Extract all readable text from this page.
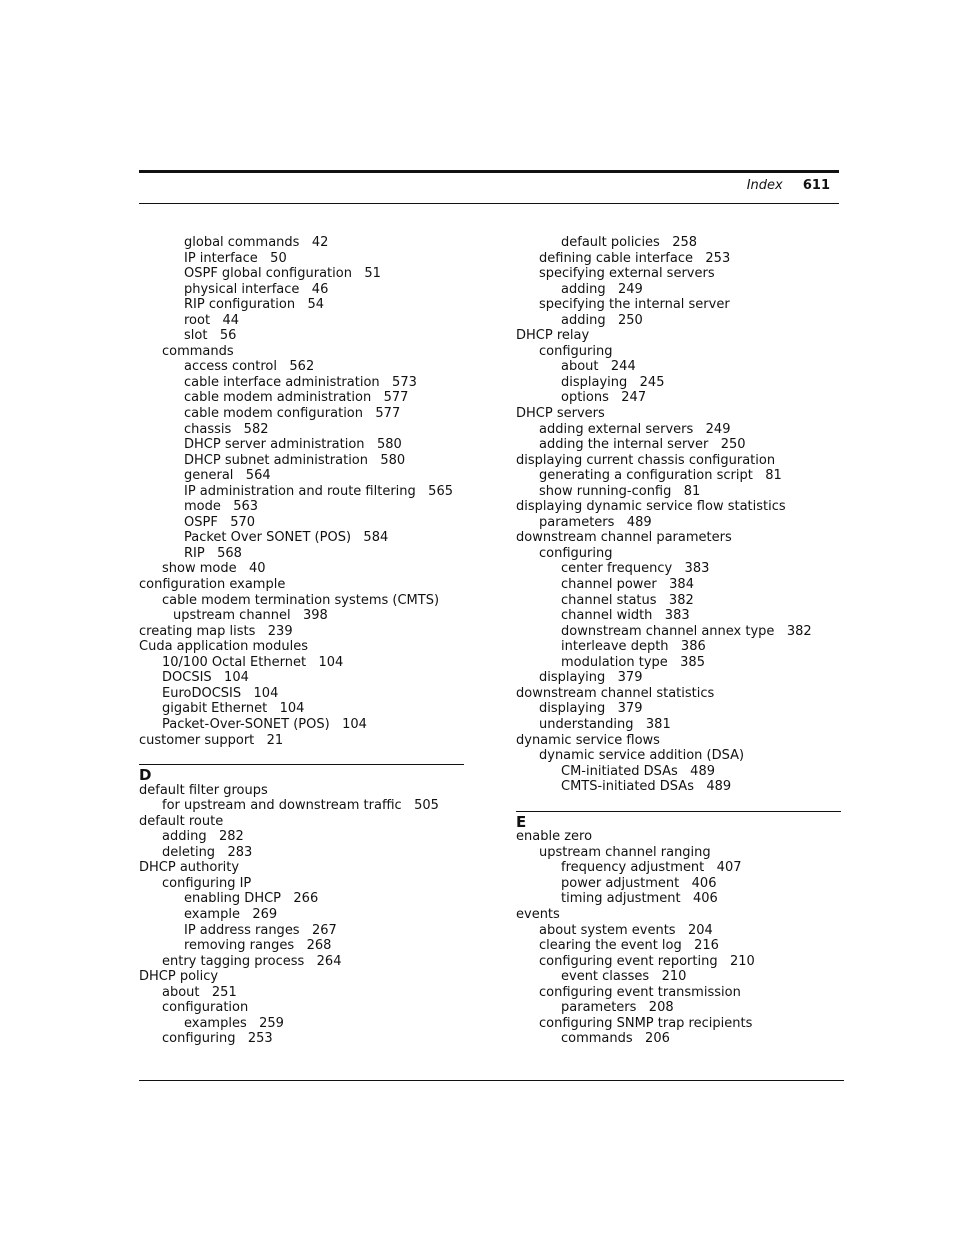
Index 611
global commands   42
IP interface   50
OSPF global configuration   51
physical interface   46
RIP configuration   54
root   44
slot   56
commands
access control   562
cable interface administration   573
cable modem administration   577
cable modem configuration   577
chassis   582
DHCP server administration   580
DHCP subnet administration   580
general   564
IP administration and route filtering   565
mode   563
OSPF   570
Packet Over SONET (POS)   584
RIP   568
show mode   40
configuration example
cable modem termination systems (CMTS)
upstream channel   398
creating map lists   239
Cuda application modules
10/100 Octal Ethernet   104
DOCSIS   104
EuroDOCSIS   104
gigabit Ethernet   104
Packet-Over-SONET (POS)   104
customer support   21
D
default filter groups
for upstream and downstream traffic   505
default route
adding   282
deleting   283
DHCP authority
configuring IP
enabling DHCP   266
example   269
IP address ranges   267
removing ranges   268
entry tagging process   264
DHCP policy
about   251
configuration
examples   259
configuring   253
default policies   258
defining cable interface   253
specifying external servers
adding   249
specifying the internal server
adding   250
DHCP relay
configuring
about   244
displaying   245
options   247
DHCP servers
adding external servers   249
adding the internal server   250
displaying current chassis configuration
generating a configuration script   81
show running-config   81
displaying dynamic service flow statistics
parameters   489
downstream channel parameters
configuring
center frequency   383
channel power   384
channel status   382
channel width   383
downstream channel annex type   382
interleave depth   386
modulation type   385
displaying   379
downstream channel statistics
displaying   379
understanding   381
dynamic service flows
dynamic service addition (DSA)
CM-initiated DSAs   489
CMTS-initiated DSAs   489
E
enable zero
upstream channel ranging
frequency adjustment   407
power adjustment   406
timing adjustment   406
events
about system events   204
clearing the event log   216
configuring event reporting   210
event classes   210
configuring event transmission
parameters   208
configuring SNMP trap recipients
commands   206
